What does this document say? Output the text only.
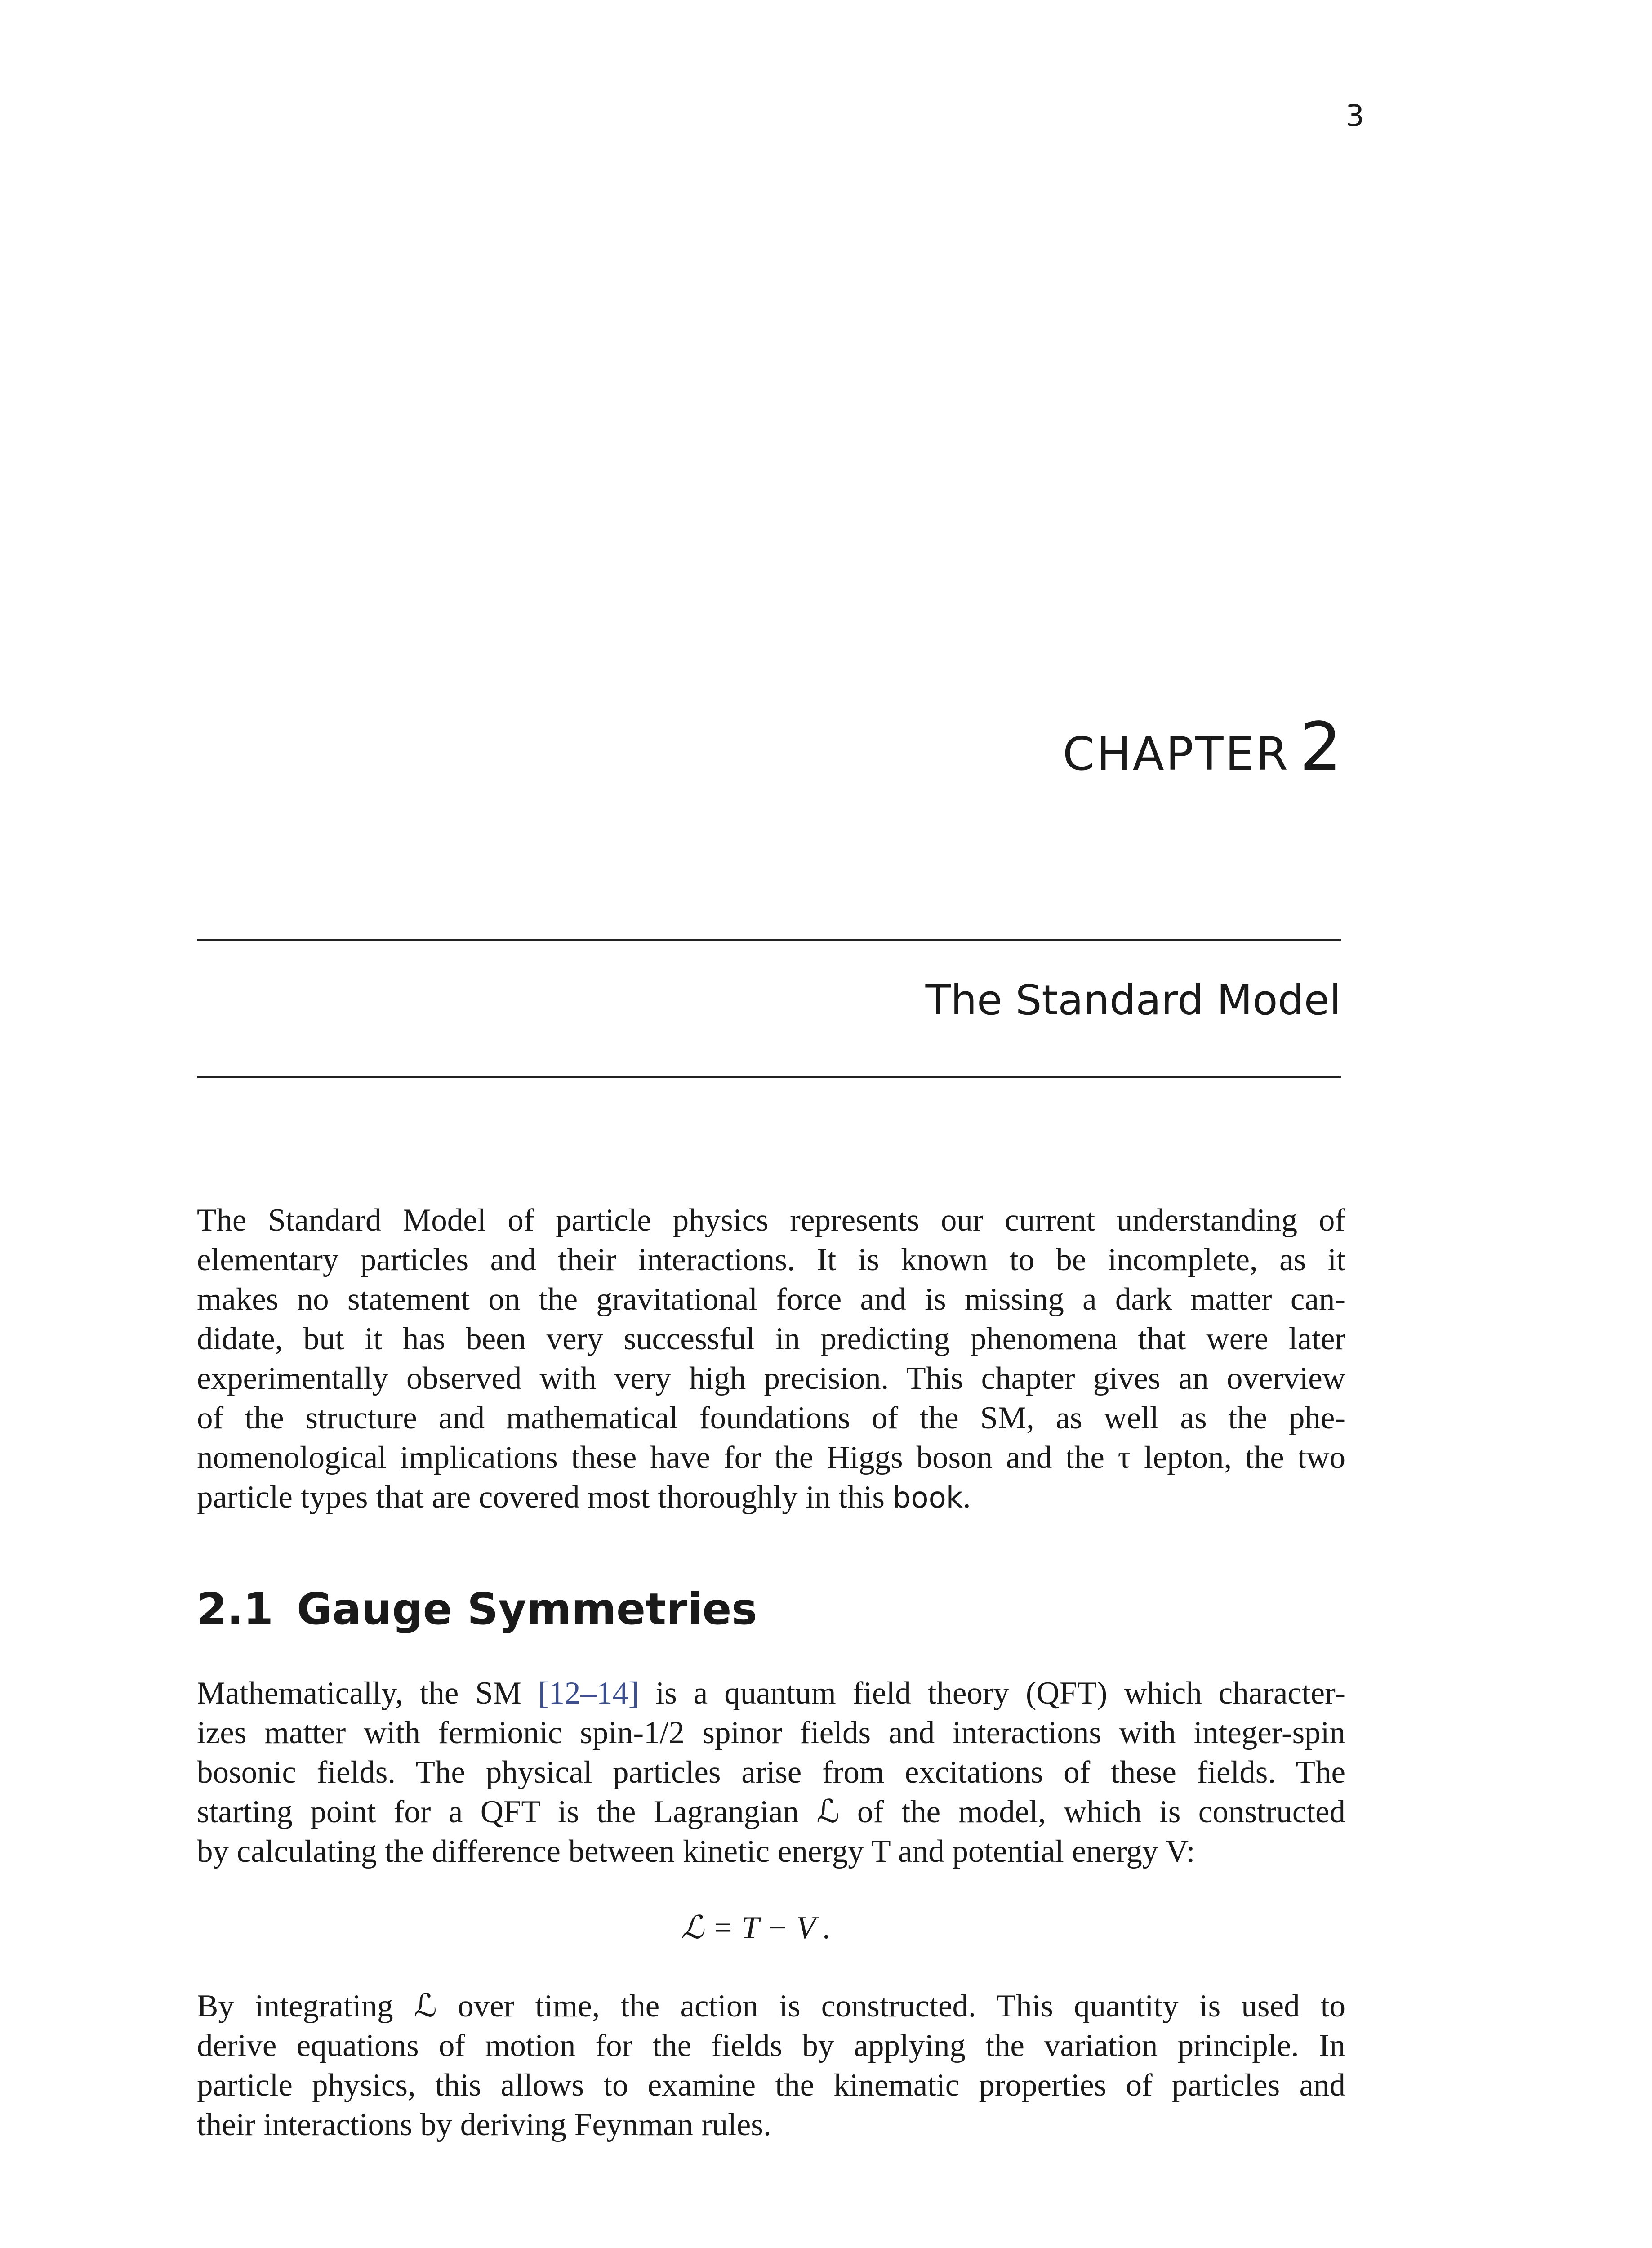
3
CHAPTER 2
The Standard Model

The Standard Model of particle physics represents our current understanding of
elementary particles and their interactions. It is known to be incomplete, as it
makes no statement on the gravitational force and is missing a dark matter can-
didate, but it has been very successful in predicting phenomena that were later
experimentally observed with very high precision. This chapter gives an overview
of the structure and mathematical foundations of the SM, as well as the phe-
nomenological implications these have for the Higgs boson and the τ lepton, the two
particle types that are covered most thoroughly in this book.

2.1 Gauge Symmetries

Mathematically, the SM [12–14] is a quantum field theory (QFT) which character-
izes matter with fermionic spin-1/2 spinor fields and interactions with integer-spin
bosonic fields. The physical particles arise from excitations of these fields. The
starting point for a QFT is the Lagrangian ℒ of the model, which is constructed
by calculating the difference between kinetic energy T and potential energy V:

ℒ = T − V .

By integrating ℒ over time, the action is constructed. This quantity is used to
derive equations of motion for the fields by applying the variation principle. In
particle physics, this allows to examine the kinematic properties of particles and
their interactions by deriving Feynman rules.
